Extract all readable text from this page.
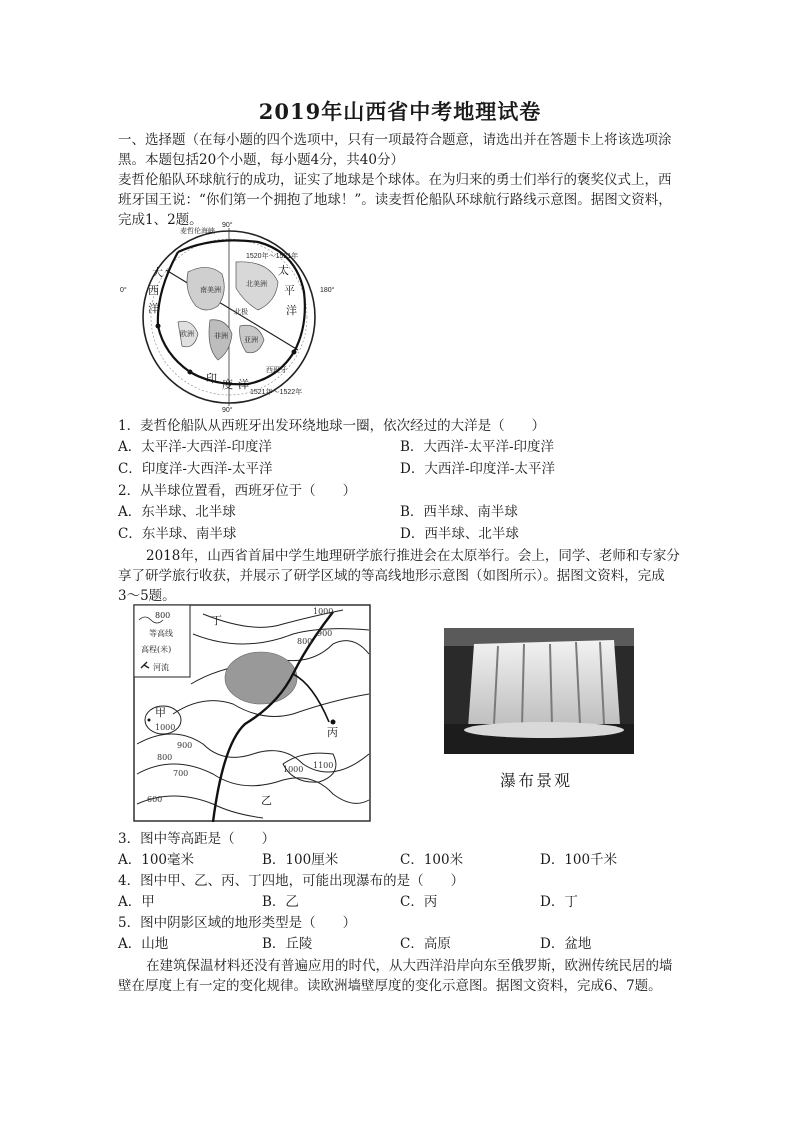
2019年山西省中考地理试卷
一、选择题（在每小题的四个选项中，只有一项最符合题意，请选出并在答题卡上将该选项涂
黑。本题包括20个小题，每小题4分，共40分）
麦哲伦船队环球航行的成功，证实了地球是个球体。在为归来的勇士们举行的褒奖仪式上，西
班牙国王说：“你们第一个拥抱了地球！”。读麦哲伦船队环球航行路线示意图。据图文资料，
完成1、2题。
麦哲伦海峡
90°
90°
1520年～1521年
1521年～1522年
0°	180°
南美洲
北美洲
非洲
亚洲
欧洲
北极
西班牙
大
西
洋
太
平
洋
印 度 洋
1．麦哲伦船队从西班牙出发环绕地球一圈，依次经过的大洋是（　　）
A．太平洋-大西洋-印度洋	B．大西洋-太平洋-印度洋
C．印度洋-大西洋-太平洋	D．大西洋-印度洋-太平洋
2．从半球位置看，西班牙位于（　　）
A．东半球、北半球	B．西半球、南半球
C．东半球、南半球	D．西半球、北半球
2018年，山西省首届中学生地理研学旅行推进会在太原举行。会上，同学、老师和专家分
享了研学旅行收获，并展示了研学区域的等高线地形示意图（如图所示）。据图文资料，完成
3～5题。
800
等高线
高程(米)
河流
丁
甲
丙
乙
1000
900
800
1000
900
800
700
600
1000 1100
瀑布景观
3．图中等高距是（　　）
A．100毫米	B．100厘米	C．100米	D．100千米
4．图中甲、乙、丙、丁四地，可能出现瀑布的是（　　）
A．甲	B．乙	C．丙	D．丁
5．图中阴影区域的地形类型是（　　）
A．山地	B．丘陵	C．高原	D．盆地
在建筑保温材料还没有普遍应用的时代，从大西洋沿岸向东至俄罗斯，欧洲传统民居的墙
壁在厚度上有一定的变化规律。读欧洲墙壁厚度的变化示意图。据图文资料，完成6、7题。
